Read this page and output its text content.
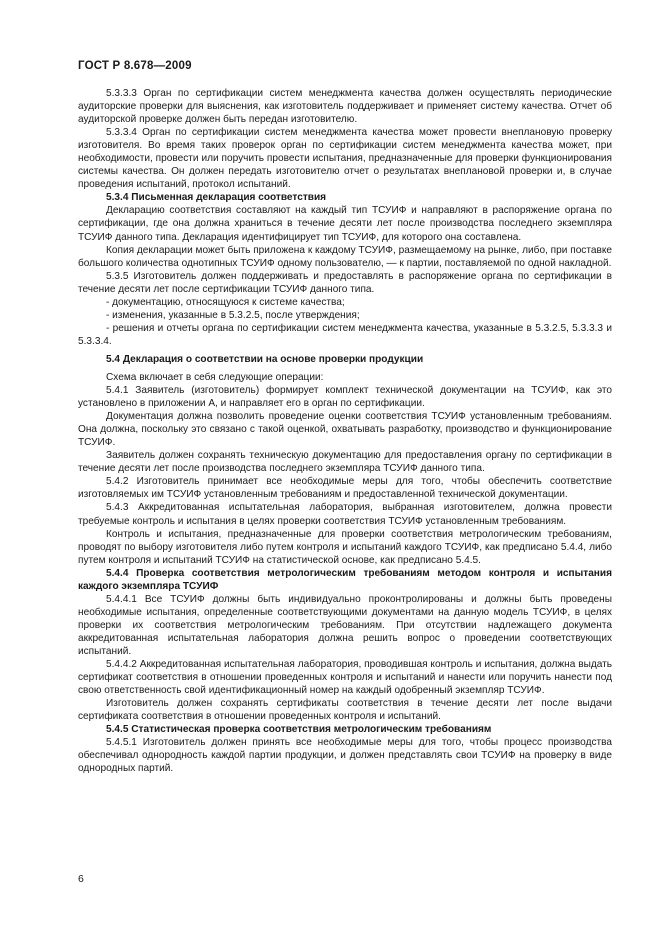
ГОСТ Р 8.678—2009

5.3.3.3 Орган по сертификации систем менеджмента качества должен осуществлять периодические аудиторские проверки для выяснения, как изготовитель поддерживает и применяет систему качества. Отчет об аудиторской проверке должен быть передан изготовителю.

5.3.3.4 Орган по сертификации систем менеджмента качества может провести внеплановую проверку изготовителя. Во время таких проверок орган по сертификации систем менеджмента качества может, при необходимости, провести или поручить провести испытания, предназначенные для проверки функционирования системы качества. Он должен передать изготовителю отчет о результатах внеплановой проверки и, в случае проведения испытаний, протокол испытаний.

5.3.4 Письменная декларация соответствия

Декларацию соответствия составляют на каждый тип ТСУИФ и направляют в распоряжение органа по сертификации, где она должна храниться в течение десяти лет после производства последнего экземпляра ТСУИФ данного типа. Декларация идентифицирует тип ТСУИФ, для которого она составлена.

Копия декларации может быть приложена к каждому ТСУИФ, размещаемому на рынке, либо, при поставке большого количества однотипных ТСУИФ одному пользователю, — к партии, поставляемой по одной накладной.

5.3.5 Изготовитель должен поддерживать и предоставлять в распоряжение органа по сертификации в течение десяти лет после сертификации ТСУИФ данного типа.

- документацию, относящуюся к системе качества;

- изменения, указанные в 5.3.2.5, после утверждения;

- решения и отчеты органа по сертификации систем менеджмента качества, указанные в 5.3.2.5, 5.3.3.3 и 5.3.3.4.

5.4 Декларация о соответствии на основе проверки продукции

Схема включает в себя следующие операции:

5.4.1 Заявитель (изготовитель) формирует комплект технической документации на ТСУИФ, как это установлено в приложении А, и направляет его в орган по сертификации.

Документация должна позволить проведение оценки соответствия ТСУИФ установленным требованиям. Она должна, поскольку это связано с такой оценкой, охватывать разработку, производство и функционирование ТСУИФ.

Заявитель должен сохранять техническую документацию для предоставления органу по сертификации в течение десяти лет после производства последнего экземпляра ТСУИФ данного типа.

5.4.2 Изготовитель принимает все необходимые меры для того, чтобы обеспечить соответствие изготовляемых им ТСУИФ установленным требованиям и предоставленной технической документации.

5.4.3 Аккредитованная испытательная лаборатория, выбранная изготовителем, должна провести требуемые контроль и испытания в целях проверки соответствия ТСУИФ установленным требованиям.

Контроль и испытания, предназначенные для проверки соответствия метрологическим требованиям, проводят по выбору изготовителя либо путем контроля и испытаний каждого ТСУИФ, как предписано 5.4.4, либо путем контроля и испытаний ТСУИФ на статистической основе, как предписано 5.4.5.

5.4.4 Проверка соответствия метрологическим требованиям методом контроля и испытания каждого экземпляра ТСУИФ

5.4.4.1 Все ТСУИФ должны быть индивидуально проконтролированы и должны быть проведены необходимые испытания, определенные соответствующими документами на данную модель ТСУИФ, в целях проверки их соответствия метрологическим требованиям. При отсутствии надлежащего документа аккредитованная испытательная лаборатория должна решить вопрос о проведении соответствующих испытаний.

5.4.4.2 Аккредитованная испытательная лаборатория, проводившая контроль и испытания, должна выдать сертификат соответствия в отношении проведенных контроля и испытаний и нанести или поручить нанести под свою ответственность свой идентификационный номер на каждый одобренный экземпляр ТСУИФ.

Изготовитель должен сохранять сертификаты соответствия в течение десяти лет после выдачи сертификата соответствия в отношении проведенных контроля и испытаний.

5.4.5 Статистическая проверка соответствия метрологическим требованиям

5.4.5.1 Изготовитель должен принять все необходимые меры для того, чтобы процесс производства обеспечивал однородность каждой партии продукции, и должен представлять свои ТСУИФ на проверку в виде однородных партий.

6
